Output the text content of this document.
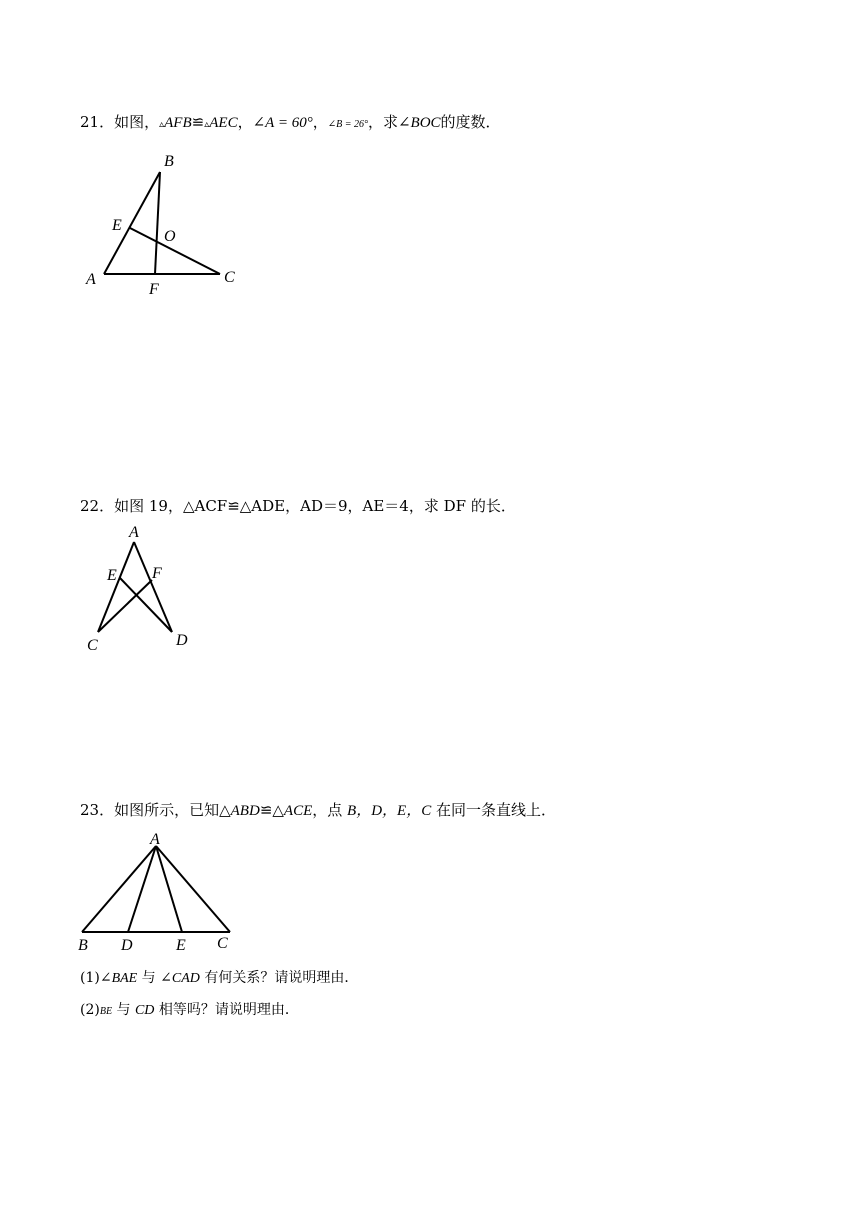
21．如图，▵AFB≌▵AEC，∠A = 60°，∠B = 26°，求∠BOC的度数．
B
E
O
A
F
C
22．如图 19，△ACF≌△ADE，AD＝9，AE＝4，求 DF 的长．
A
E F
C	D
23．如图所示，已知△ABD≌△ACE，点 B，D，E，C 在同一条直线上．
A
B D	E C
(1)∠BAE 与 ∠CAD 有何关系？请说明理由．
(2)BE 与 CD 相等吗？请说明理由．
